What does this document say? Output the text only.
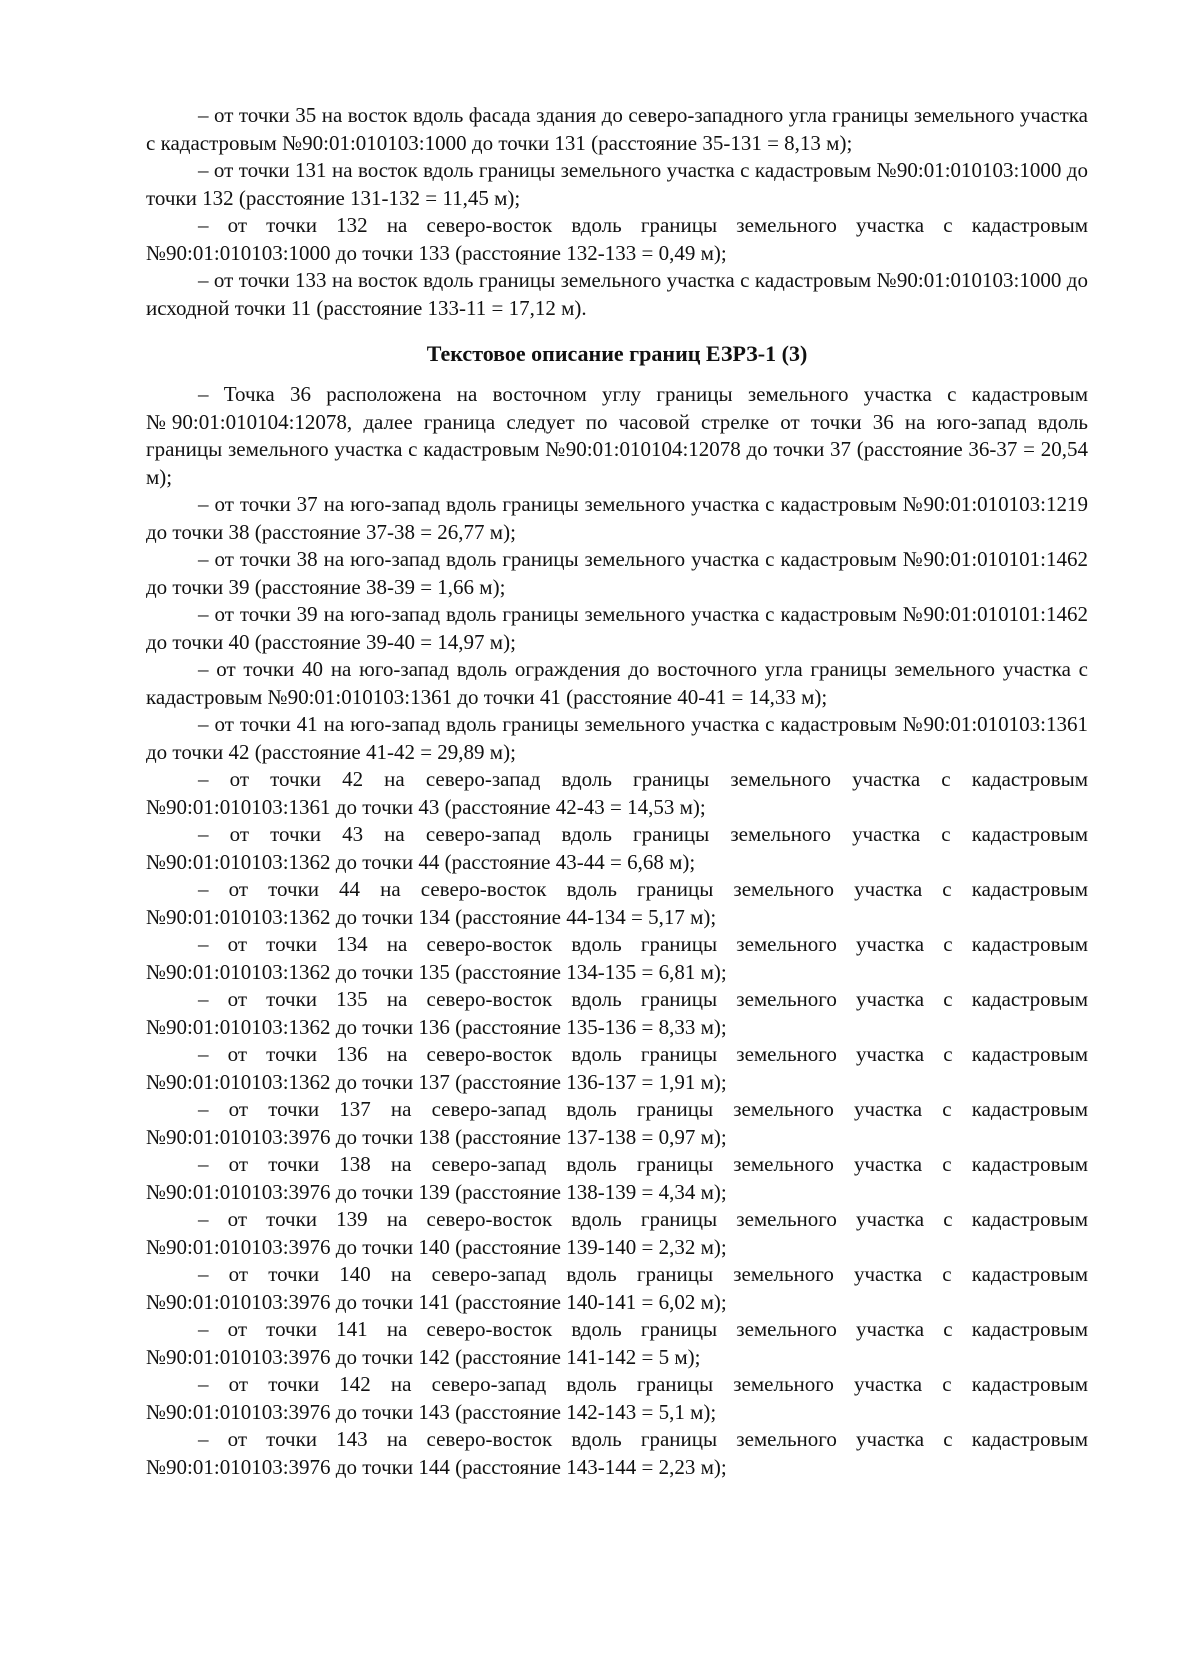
– от точки 35 на восток вдоль фасада здания до северо-западного угла границы земельного участка с кадастровым №90:01:010103:1000 до точки 131 (расстояние 35-131 = 8,13 м);

– от точки 131 на восток вдоль границы земельного участка с кадастровым №90:01:010103:1000 до точки 132 (расстояние 131-132 = 11,45 м);

– от точки 132 на северо-восток вдоль границы земельного участка с кадастровым №90:01:010103:1000 до точки 133 (расстояние 132-133 = 0,49 м);

– от точки 133 на восток вдоль границы земельного участка с кадастровым №90:01:010103:1000 до исходной точки 11 (расстояние 133-11 = 17,12 м).

Текстовое описание границ ЕЗРЗ-1 (3)

– Точка 36 расположена на восточном углу границы земельного участка с кадастровым №90:01:010104:12078, далее граница следует по часовой стрелке от точки 36 на юго-запад вдоль границы земельного участка с кадастровым №90:01:010104:12078 до точки 37 (расстояние 36-37 = 20,54 м);

– от точки 37 на юго-запад вдоль границы земельного участка с кадастровым №90:01:010103:1219 до точки 38 (расстояние 37-38 = 26,77 м);

– от точки 38 на юго-запад вдоль границы земельного участка с кадастровым №90:01:010101:1462 до точки 39 (расстояние 38-39 = 1,66 м);

– от точки 39 на юго-запад вдоль границы земельного участка с кадастровым №90:01:010101:1462 до точки 40 (расстояние 39-40 = 14,97 м);

– от точки 40 на юго-запад вдоль ограждения до восточного угла границы земельного участка с кадастровым №90:01:010103:1361 до точки 41 (расстояние 40-41 = 14,33 м);

– от точки 41 на юго-запад вдоль границы земельного участка с кадастровым №90:01:010103:1361 до точки 42 (расстояние 41-42 = 29,89 м);

– от точки 42 на северо-запад вдоль границы земельного участка с кадастровым №90:01:010103:1361 до точки 43 (расстояние 42-43 = 14,53 м);

– от точки 43 на северо-запад вдоль границы земельного участка с кадастровым №90:01:010103:1362 до точки 44 (расстояние 43-44 = 6,68 м);

– от точки 44 на северо-восток вдоль границы земельного участка с кадастровым №90:01:010103:1362 до точки 134 (расстояние 44-134 = 5,17 м);

– от точки 134 на северо-восток вдоль границы земельного участка с кадастровым №90:01:010103:1362 до точки 135 (расстояние 134-135 = 6,81 м);

– от точки 135 на северо-восток вдоль границы земельного участка с кадастровым №90:01:010103:1362 до точки 136 (расстояние 135-136 = 8,33 м);

– от точки 136 на северо-восток вдоль границы земельного участка с кадастровым №90:01:010103:1362 до точки 137 (расстояние 136-137 = 1,91 м);

– от точки 137 на северо-запад вдоль границы земельного участка с кадастровым №90:01:010103:3976 до точки 138 (расстояние 137-138 = 0,97 м);

– от точки 138 на северо-запад вдоль границы земельного участка с кадастровым №90:01:010103:3976 до точки 139 (расстояние 138-139 = 4,34 м);

– от точки 139 на северо-восток вдоль границы земельного участка с кадастровым №90:01:010103:3976 до точки 140 (расстояние 139-140 = 2,32 м);

– от точки 140 на северо-запад вдоль границы земельного участка с кадастровым №90:01:010103:3976 до точки 141 (расстояние 140-141 = 6,02 м);

– от точки 141 на северо-восток вдоль границы земельного участка с кадастровым №90:01:010103:3976 до точки 142 (расстояние 141-142 = 5 м);

– от точки 142 на северо-запад вдоль границы земельного участка с кадастровым №90:01:010103:3976 до точки 143 (расстояние 142-143 = 5,1 м);

– от точки 143 на северо-восток вдоль границы земельного участка с кадастровым №90:01:010103:3976 до точки 144 (расстояние 143-144 = 2,23 м);
